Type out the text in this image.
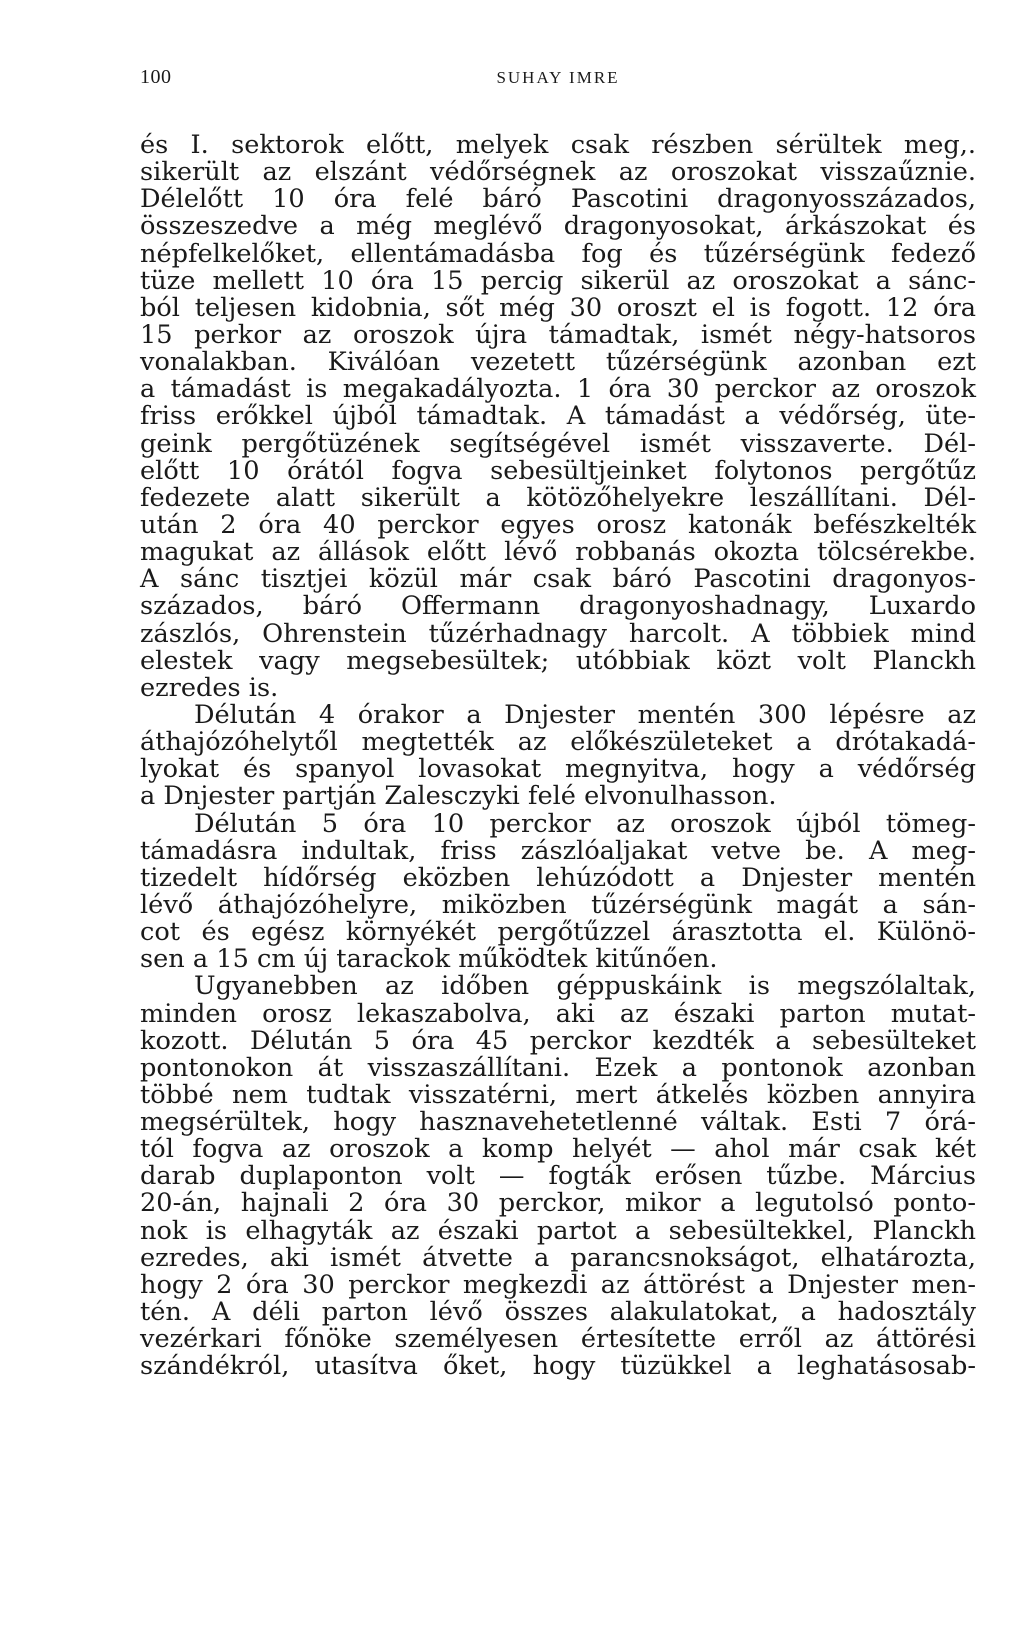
100	SUHAY IMRE
és I. sektorok előtt, melyek csak részben sérültek meg,.
sikerült az elszánt védőrségnek az oroszokat visszaűznie.
Délelőtt 10 óra felé báró Pascotini dragonyosszázados,
összeszedve a még meglévő dragonyosokat, árkászokat és
népfelkelőket, ellentámadásba fog és tűzérségünk fedező
tüze mellett 10 óra 15 percig sikerül az oroszokat a sánc-
ból teljesen kidobnia, sőt még 30 oroszt el is fogott. 12 óra
15 perkor az oroszok újra támadtak, ismét négy-hatsoros
vonalakban. Kiválóan vezetett tűzérségünk azonban ezt
a támadást is megakadályozta. 1 óra 30 perckor az oroszok
friss erőkkel újból támadtak. A támadást a védőrség, üte-
geink pergőtüzének segítségével ismét visszaverte. Dél-
előtt 10 órától fogva sebesültjeinket folytonos pergőtűz
fedezete alatt sikerült a kötözőhelyekre leszállítani. Dél-
után 2 óra 40 perckor egyes orosz katonák befészkelték
magukat az állások előtt lévő robbanás okozta tölcsérekbe.
A sánc tisztjei közül már csak báró Pascotini dragonyos-
százados, báró Offermann dragonyoshadnagy, Luxardo
zászlós, Ohrenstein tűzérhadnagy harcolt. A többiek mind
elestek vagy megsebesültek; utóbbiak közt volt Planckh
ezredes is.
Délután 4 órakor a Dnjester mentén 300 lépésre az
áthajózóhelytől megtették az előkészületeket a drótakadá-
lyokat és spanyol lovasokat megnyitva, hogy a védőrség
a Dnjester partján Zalesczyki felé elvonulhasson.
Délután 5 óra 10 perckor az oroszok újból tömeg-
támadásra indultak, friss zászlóaljakat vetve be. A meg-
tizedelt hídőrség eközben lehúzódott a Dnjester mentén
lévő áthajózóhelyre, miközben tűzérségünk magát a sán-
cot és egész környékét pergőtűzzel árasztotta el. Különö-
sen a 15 cm új tarackok működtek kitűnően.
Ugyanebben az időben géppuskáink is megszólaltak,
minden orosz lekaszabolva, aki az északi parton mutat-
kozott. Délután 5 óra 45 perckor kezdték a sebesülteket
pontonokon át visszaszállítani. Ezek a pontonok azonban
többé nem tudtak visszatérni, mert átkelés közben annyira
megsérültek, hogy hasznavehetetlenné váltak. Esti 7 órá-
tól fogva az oroszok a komp helyét — ahol már csak két
darab duplaponton volt — fogták erősen tűzbe. Március
20-án, hajnali 2 óra 30 perckor, mikor a legutolsó ponto-
nok is elhagyták az északi partot a sebesültekkel, Planckh
ezredes, aki ismét átvette a parancsnokságot, elhatározta,
hogy 2 óra 30 perckor megkezdi az áttörést a Dnjester men-
tén. A déli parton lévő összes alakulatokat, a hadosztály
vezérkari főnöke személyesen értesítette erről az áttörési
szándékról, utasítva őket, hogy tüzükkel a leghatásosab-
